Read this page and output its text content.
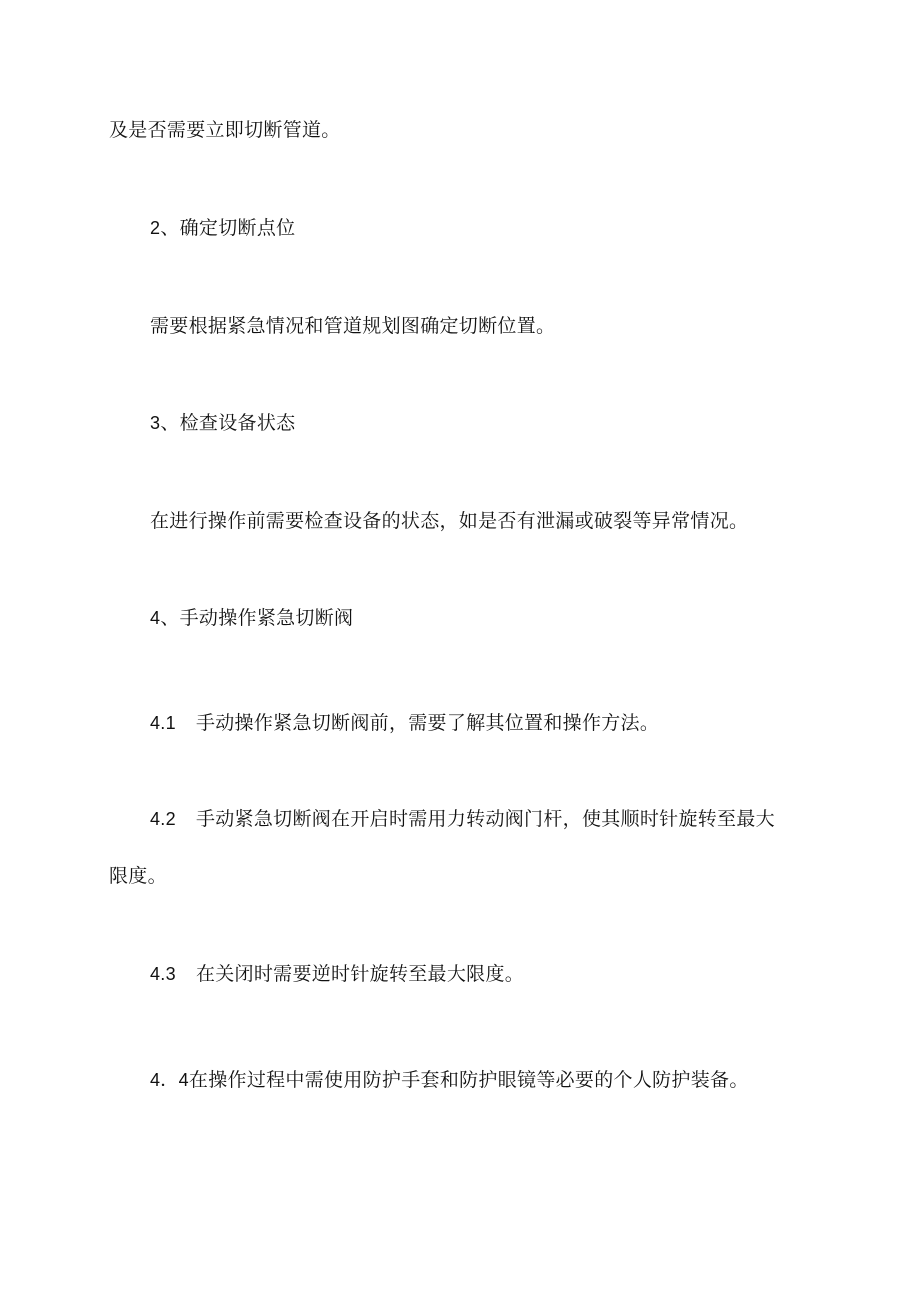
及是否需要立即切断管道。
2、确定切断点位
需要根据紧急情况和管道规划图确定切断位置。
3、检查设备状态
在进行操作前需要检查设备的状态，如是否有泄漏或破裂等异常情况。
4、手动操作紧急切断阀
4.1 手动操作紧急切断阀前，需要了解其位置和操作方法。
4.2 手动紧急切断阀在开启时需用力转动阀门杆，使其顺时针旋转至最大
限度。
4.3 在关闭时需要逆时针旋转至最大限度。
4．4在操作过程中需使用防护手套和防护眼镜等必要的个人防护装备。
